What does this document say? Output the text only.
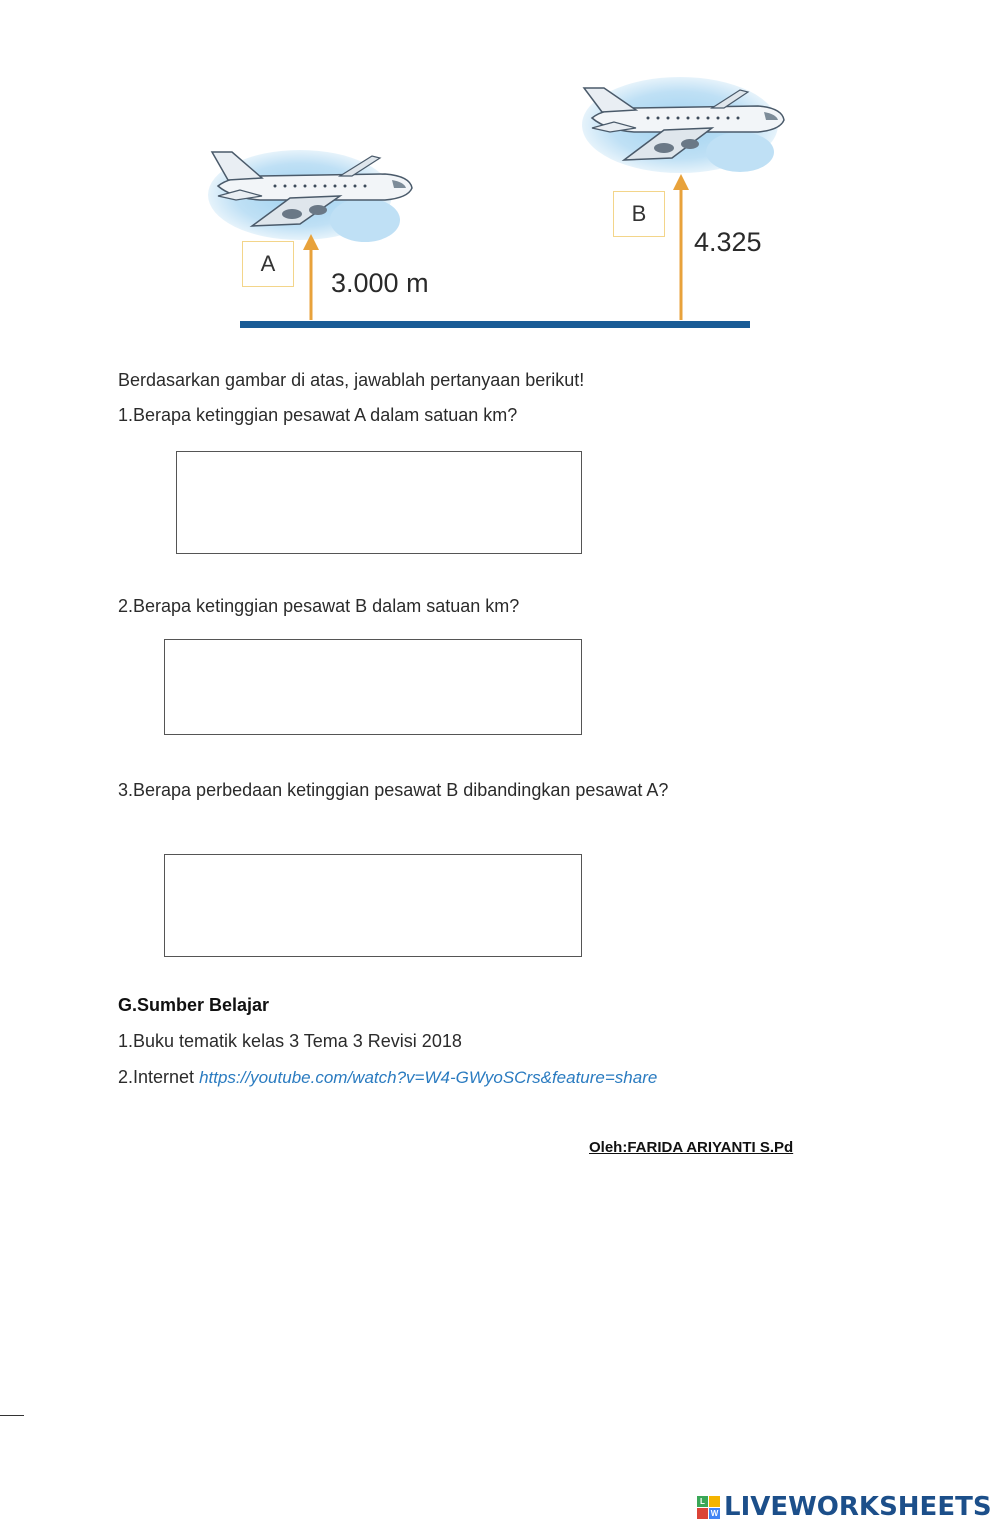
A
B
3.000 m
4.325
Berdasarkan gambar di atas, jawablah pertanyaan berikut!
1.Berapa ketinggian pesawat A dalam satuan km?
2.Berapa ketinggian pesawat B dalam satuan km?
3.Berapa perbedaan ketinggian pesawat B dibandingkan pesawat A?
G.Sumber Belajar
1.Buku tematik kelas 3 Tema 3 Revisi 2018
2.Internet https://youtube.com/watch?v=W4-GWyoSCrs&feature=share
Oleh:FARIDA ARIYANTI S.Pd
L
W LIVEWORKSHEETS
